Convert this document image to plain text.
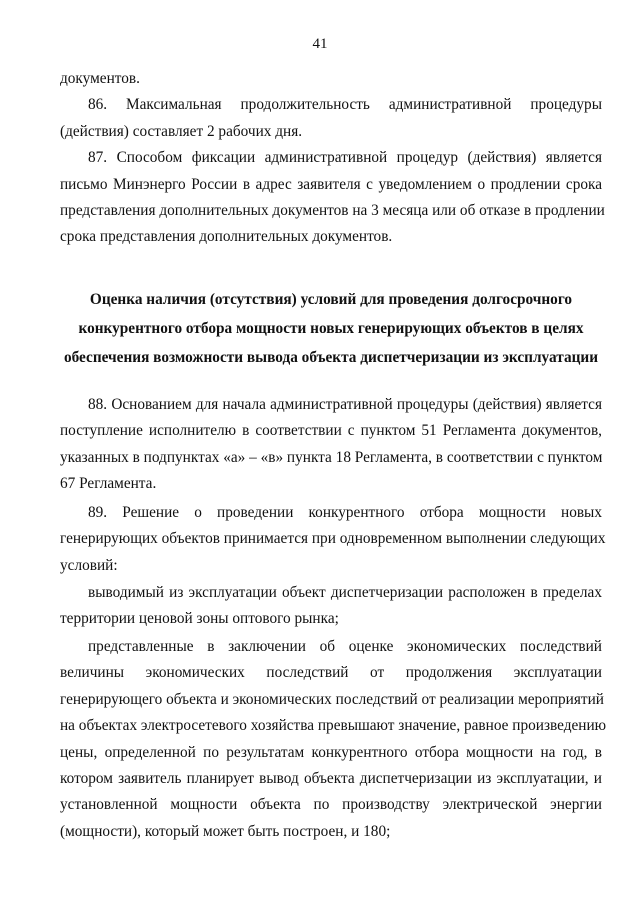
41
документов.
86. Максимальная продолжительность административной процедуры
(действия) составляет 2 рабочих дня.
87. Способом фиксации административной процедур (действия) является
письмо Минэнерго России в адрес заявителя с уведомлением о продлении срока
представления дополнительных документов на 3 месяца или об отказе в продлении
срока представления дополнительных документов.
Оценка наличия (отсутствия) условий для проведения долгосрочного
конкурентного отбора мощности новых генерирующих объектов в целях
обеспечения возможности вывода объекта диспетчеризации из эксплуатации
88. Основанием для начала административной процедуры (действия) является
поступление исполнителю в соответствии с пунктом 51 Регламента документов,
указанных в подпунктах «а» – «в» пункта 18 Регламента, в соответствии с пунктом
67 Регламента.
89. Решение о проведении конкурентного отбора мощности новых
генерирующих объектов принимается при одновременном выполнении следующих
условий:
выводимый из эксплуатации объект диспетчеризации расположен в пределах
территории ценовой зоны оптового рынка;
представленные в заключении об оценке экономических последствий
величины экономических последствий от продолжения эксплуатации
генерирующего объекта и экономических последствий от реализации мероприятий
на объектах электросетевого хозяйства превышают значение, равное произведению
цены, определенной по результатам конкурентного отбора мощности на год, в
котором заявитель планирует вывод объекта диспетчеризации из эксплуатации, и
установленной мощности объекта по производству электрической энергии
(мощности), который может быть построен, и 180;
